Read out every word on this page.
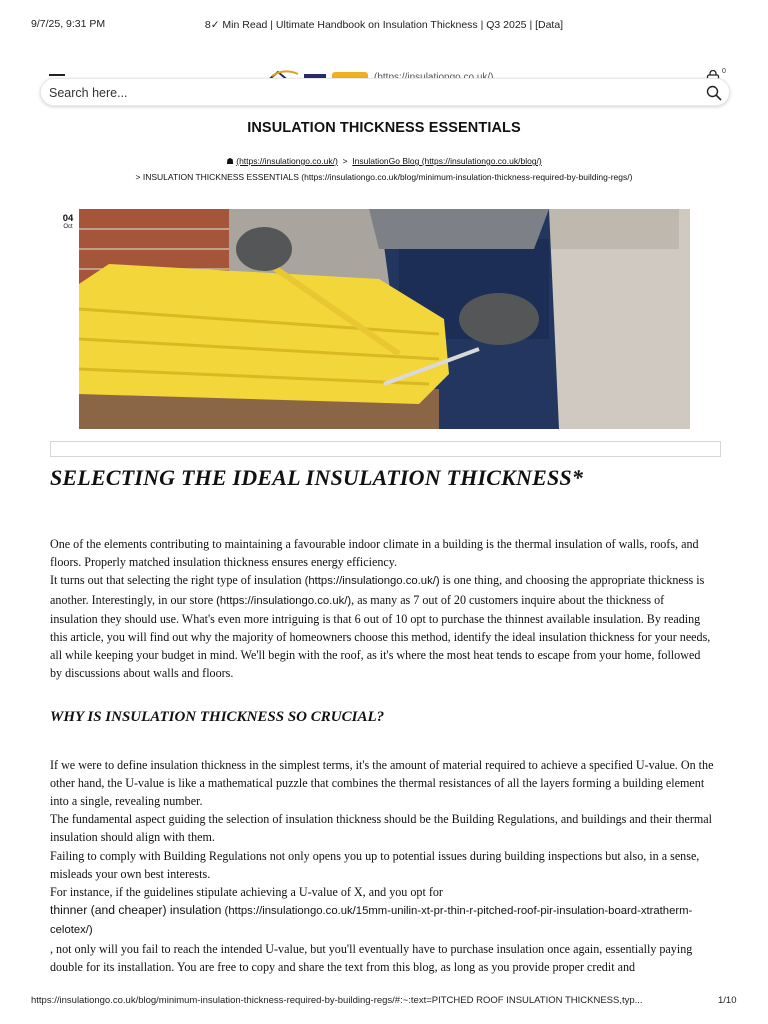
9/7/25, 9:31 PM	8✓ Min Read | Ultimate Handbook on Insulation Thickness | Q3 2025 | [Data]
0
Search here...
INSULATION THICKNESS ESSENTIALS
☗ (https://insulationgo.co.uk/) > InsulationGo Blog (https://insulationgo.co.uk/blog/)
> INSULATION THICKNESS ESSENTIALS (https://insulationgo.co.uk/blog/minimum-insulation-thickness-required-by-building-regs/)
04
Oct
SELECTING THE IDEAL INSULATION THICKNESS*

One of the elements contributing to maintaining a favourable indoor climate in a building is the thermal insulation of walls, roofs, and floors. Properly matched insulation thickness ensures energy efficiency.

It turns out that selecting the right type of insulation (https://insulationgo.co.uk/) is one thing, and choosing the appropriate thickness is another. Interestingly, in our store (https://insulationgo.co.uk/), as many as 7 out of 20 customers inquire about the thickness of insulation they should use. What's even more intriguing is that 6 out of 10 opt to purchase the thinnest available insulation. By reading this article, you will find out why the majority of homeowners choose this method, identify the ideal insulation thickness for your needs, all while keeping your budget in mind. We'll begin with the roof, as it's where the most heat tends to escape from your home, followed by discussions about walls and floors.

WHY IS INSULATION THICKNESS SO CRUCIAL?

If we were to define insulation thickness in the simplest terms, it's the amount of material required to achieve a specified U-value. On the other hand, the U-value is like a mathematical puzzle that combines the thermal resistances of all the layers forming a building element into a single, revealing number.

The fundamental aspect guiding the selection of insulation thickness should be the Building Regulations, and buildings and their thermal insulation should align with them.

Failing to comply with Building Regulations not only opens you up to potential issues during building inspections but also, in a sense, misleads your own best interests.

For instance, if the guidelines stipulate achieving a U-value of X, and you opt for

thinner (and cheaper) insulation (https://insulationgo.co.uk/15mm-unilin-xt-pr-thin-r-pitched-roof-pir-insulation-board-xtratherm-celotex/)

, not only will you fail to reach the intended U-value, but you'll eventually have to purchase insulation once again, essentially paying double for its installation. You are free to copy and share the text from this blog, as long as you provide proper credit and

https://insulationgo.co.uk/blog/minimum-insulation-thickness-required-by-building-regs/#:~:text=PITCHED ROOF INSULATION THICKNESS,typ...	1/10
